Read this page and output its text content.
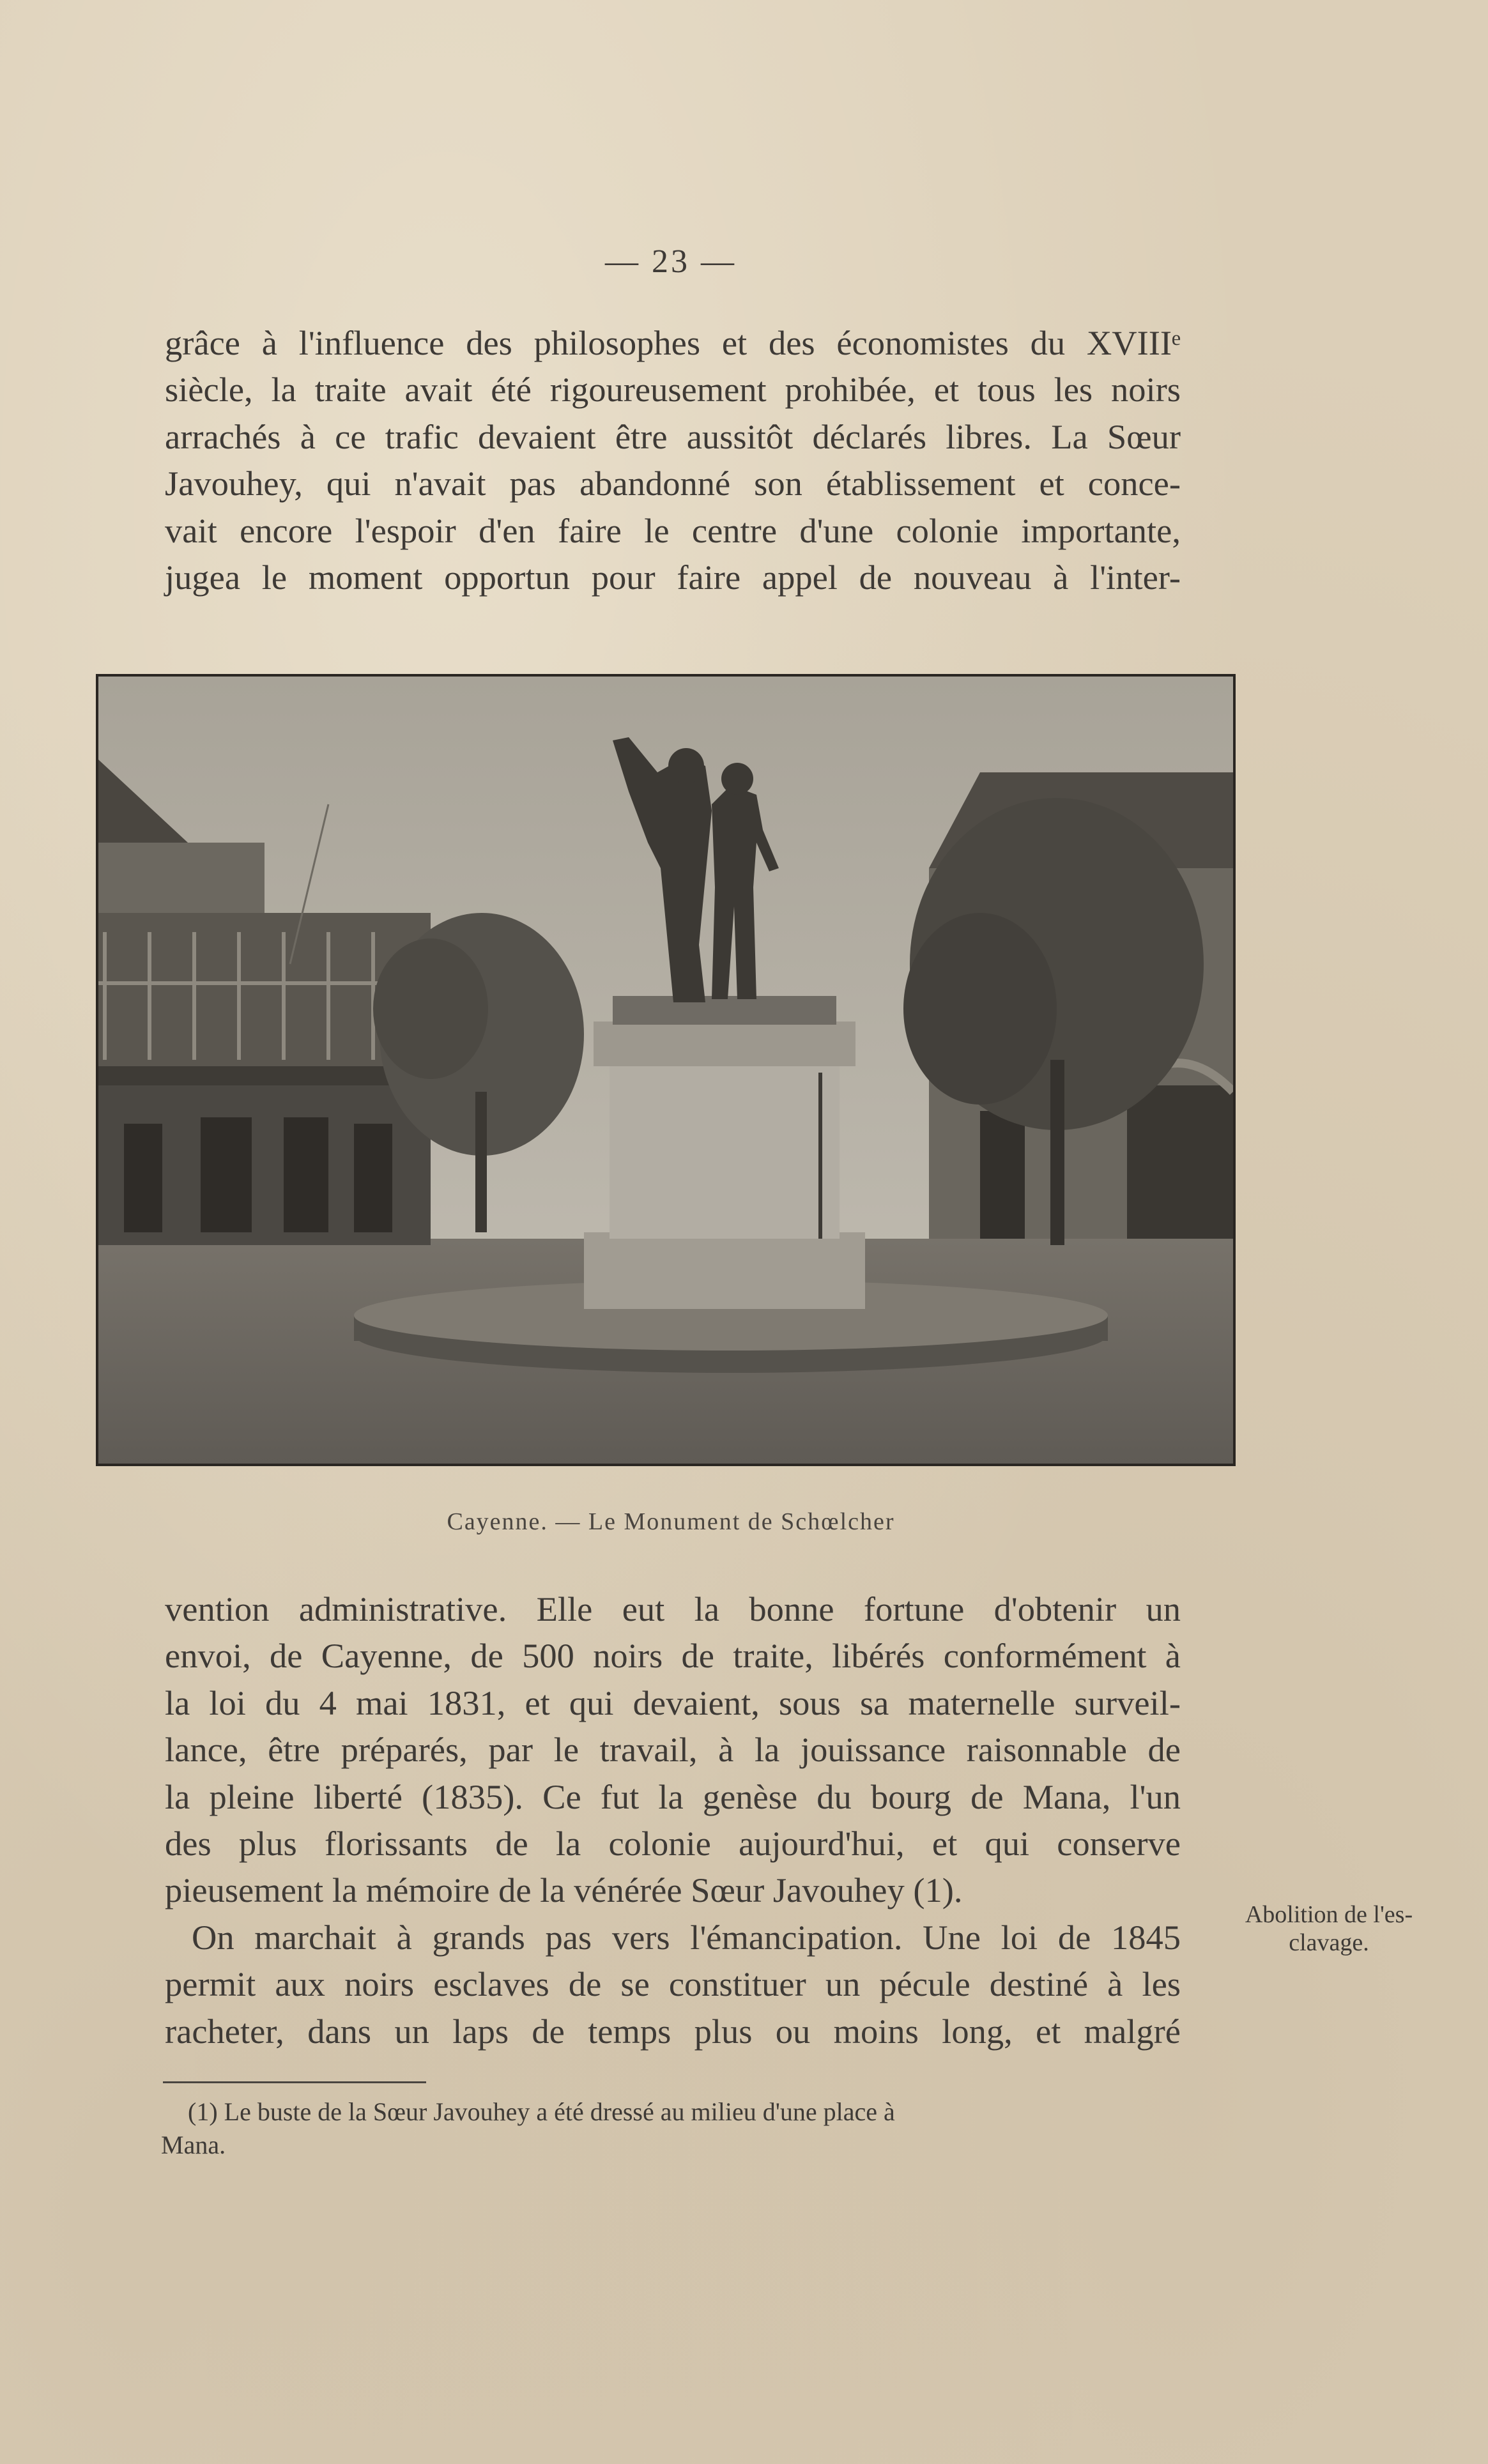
— 23 —

grâce à l'influence des philosophes et des économistes du XVIIIᵉ
siècle, la traite avait été rigoureusement prohibée, et tous les noirs
arrachés à ce trafic devaient être aussitôt déclarés libres. La Sœur
Javouhey, qui n'avait pas abandonné son établissement et conce-
vait encore l'espoir d'en faire le centre d'une colonie importante,
jugea le moment opportun pour faire appel de nouveau à l'inter-

Cayenne. — Le Monument de Schœlcher

vention administrative. Elle eut la bonne fortune d'obtenir un
envoi, de Cayenne, de 500 noirs de traite, libérés conformément à
la loi du 4 mai 1831, et qui devaient, sous sa maternelle surveil-
lance, être préparés, par le travail, à la jouissance raisonnable de
la pleine liberté (1835). Ce fut la genèse du bourg de Mana, l'un
des plus florissants de la colonie aujourd'hui, et qui conserve
pieusement la mémoire de la vénérée Sœur Javouhey (1).
On marchait à grands pas vers l'émancipation. Une loi de 1845
permit aux noirs esclaves de se constituer un pécule destiné à les
racheter, dans un laps de temps plus ou moins long, et malgré

Abolition de l'es-
clavage.
(1) Le buste de la Sœur Javouhey a été dressé au milieu d'une place à
Mana.
